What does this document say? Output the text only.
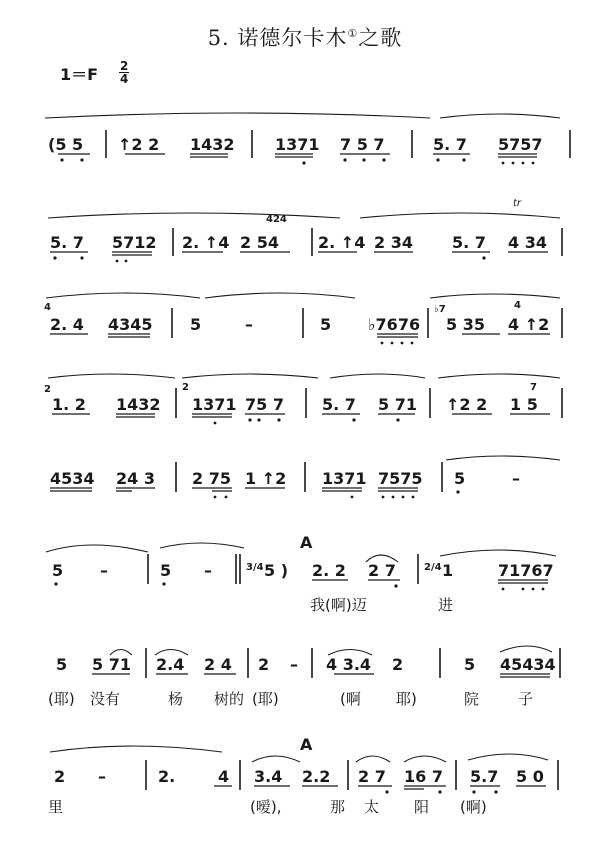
5. 诺德尔卡木①之歌
$1=F \frac{2}{4}$
(5 5 ↑2 2 1432	1371 7 5 7	5. 7 5757
5. 7 5712 2. ↑4 2 54
424
2. ↑4 2 34 5. 7 4 34
tr
4
2. 4 4345 5	–	5 ♭7676
♭7
5 35
4
4 ↑2
2
1. 2 1432
2
1371 75 7 5. 7 5 71 ↑2 2
7
1 5
4534 24 3 2 75 1 ↑2 1371 7575 5	–
A
5 –	5 –	3/4 5 ) 2. 2 2 7	2/4 1	71767
我(啊)迈	进
5 5 71 2.4 2 4 2 – 4 3.4 2	5 45434
(耶) 没有	杨 树的 (耶)	(啊 耶)	院	子
A
2 –	2.	4 3.4 2.2 2 7 16 7 5.7 5 0
里	(嗳),	那 太 阳 (啊)
